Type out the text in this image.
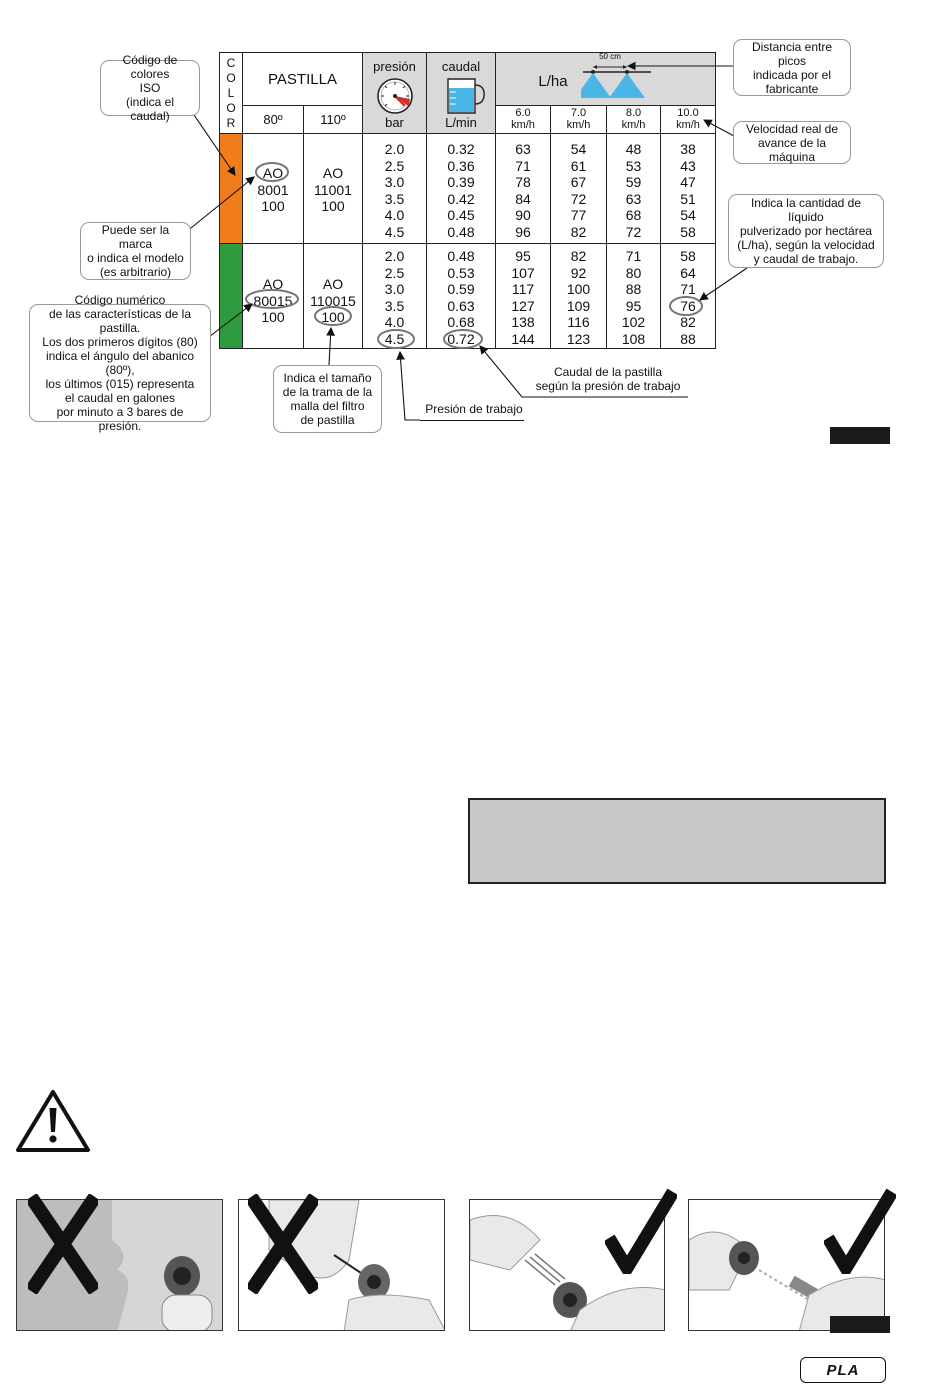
C
O
L
O
R
PASTILLA
80º	110º
presión
bar
caudal
L/min
L/ha
50 cm
6.0
km/h
7.0
km/h
8.0
km/h
10.0
km/h
AO
8001
100
AO
11001
100
AO
80015
100
AO
110015
100
2.0
2.5
3.0
3.5
4.0
4.5
0.32
0.36
0.39
0.42
0.45
0.48
63
71
78
84
90
96
54
61
67
72
77
82
48
53
59
63
68
72
38
43
47
51
54
58
2.0
2.5
3.0
3.5
4.0
4.5
0.48
0.53
0.59
0.63
0.68
0.72
95
107
117
127
138
144
82
92
100
109
116
123
71
80
88
95
102
108
58
64
71
76
82
88
Código de colores
ISO
(indica el caudal)
Puede ser la marca
o indica el modelo
(es arbitrario)
Código numérico
de las características de la pastilla.
Los dos primeros dígitos (80)
indica el ángulo del abanico (80º),
los últimos (015) representa
el caudal en galones
por minuto a 3 bares de presión.
Indica el tamaño
de la trama de la
malla del filtro
de pastilla
Distancia entre picos
indicada por el
fabricante
Velocidad real de
avance de la máquina
Indica la cantidad de líquido
pulverizado por hectárea
(L/ha), según la velocidad
y caudal de trabajo.
Caudal de la pastilla
según la presión de trabajo
Presión de trabajo
PLA
